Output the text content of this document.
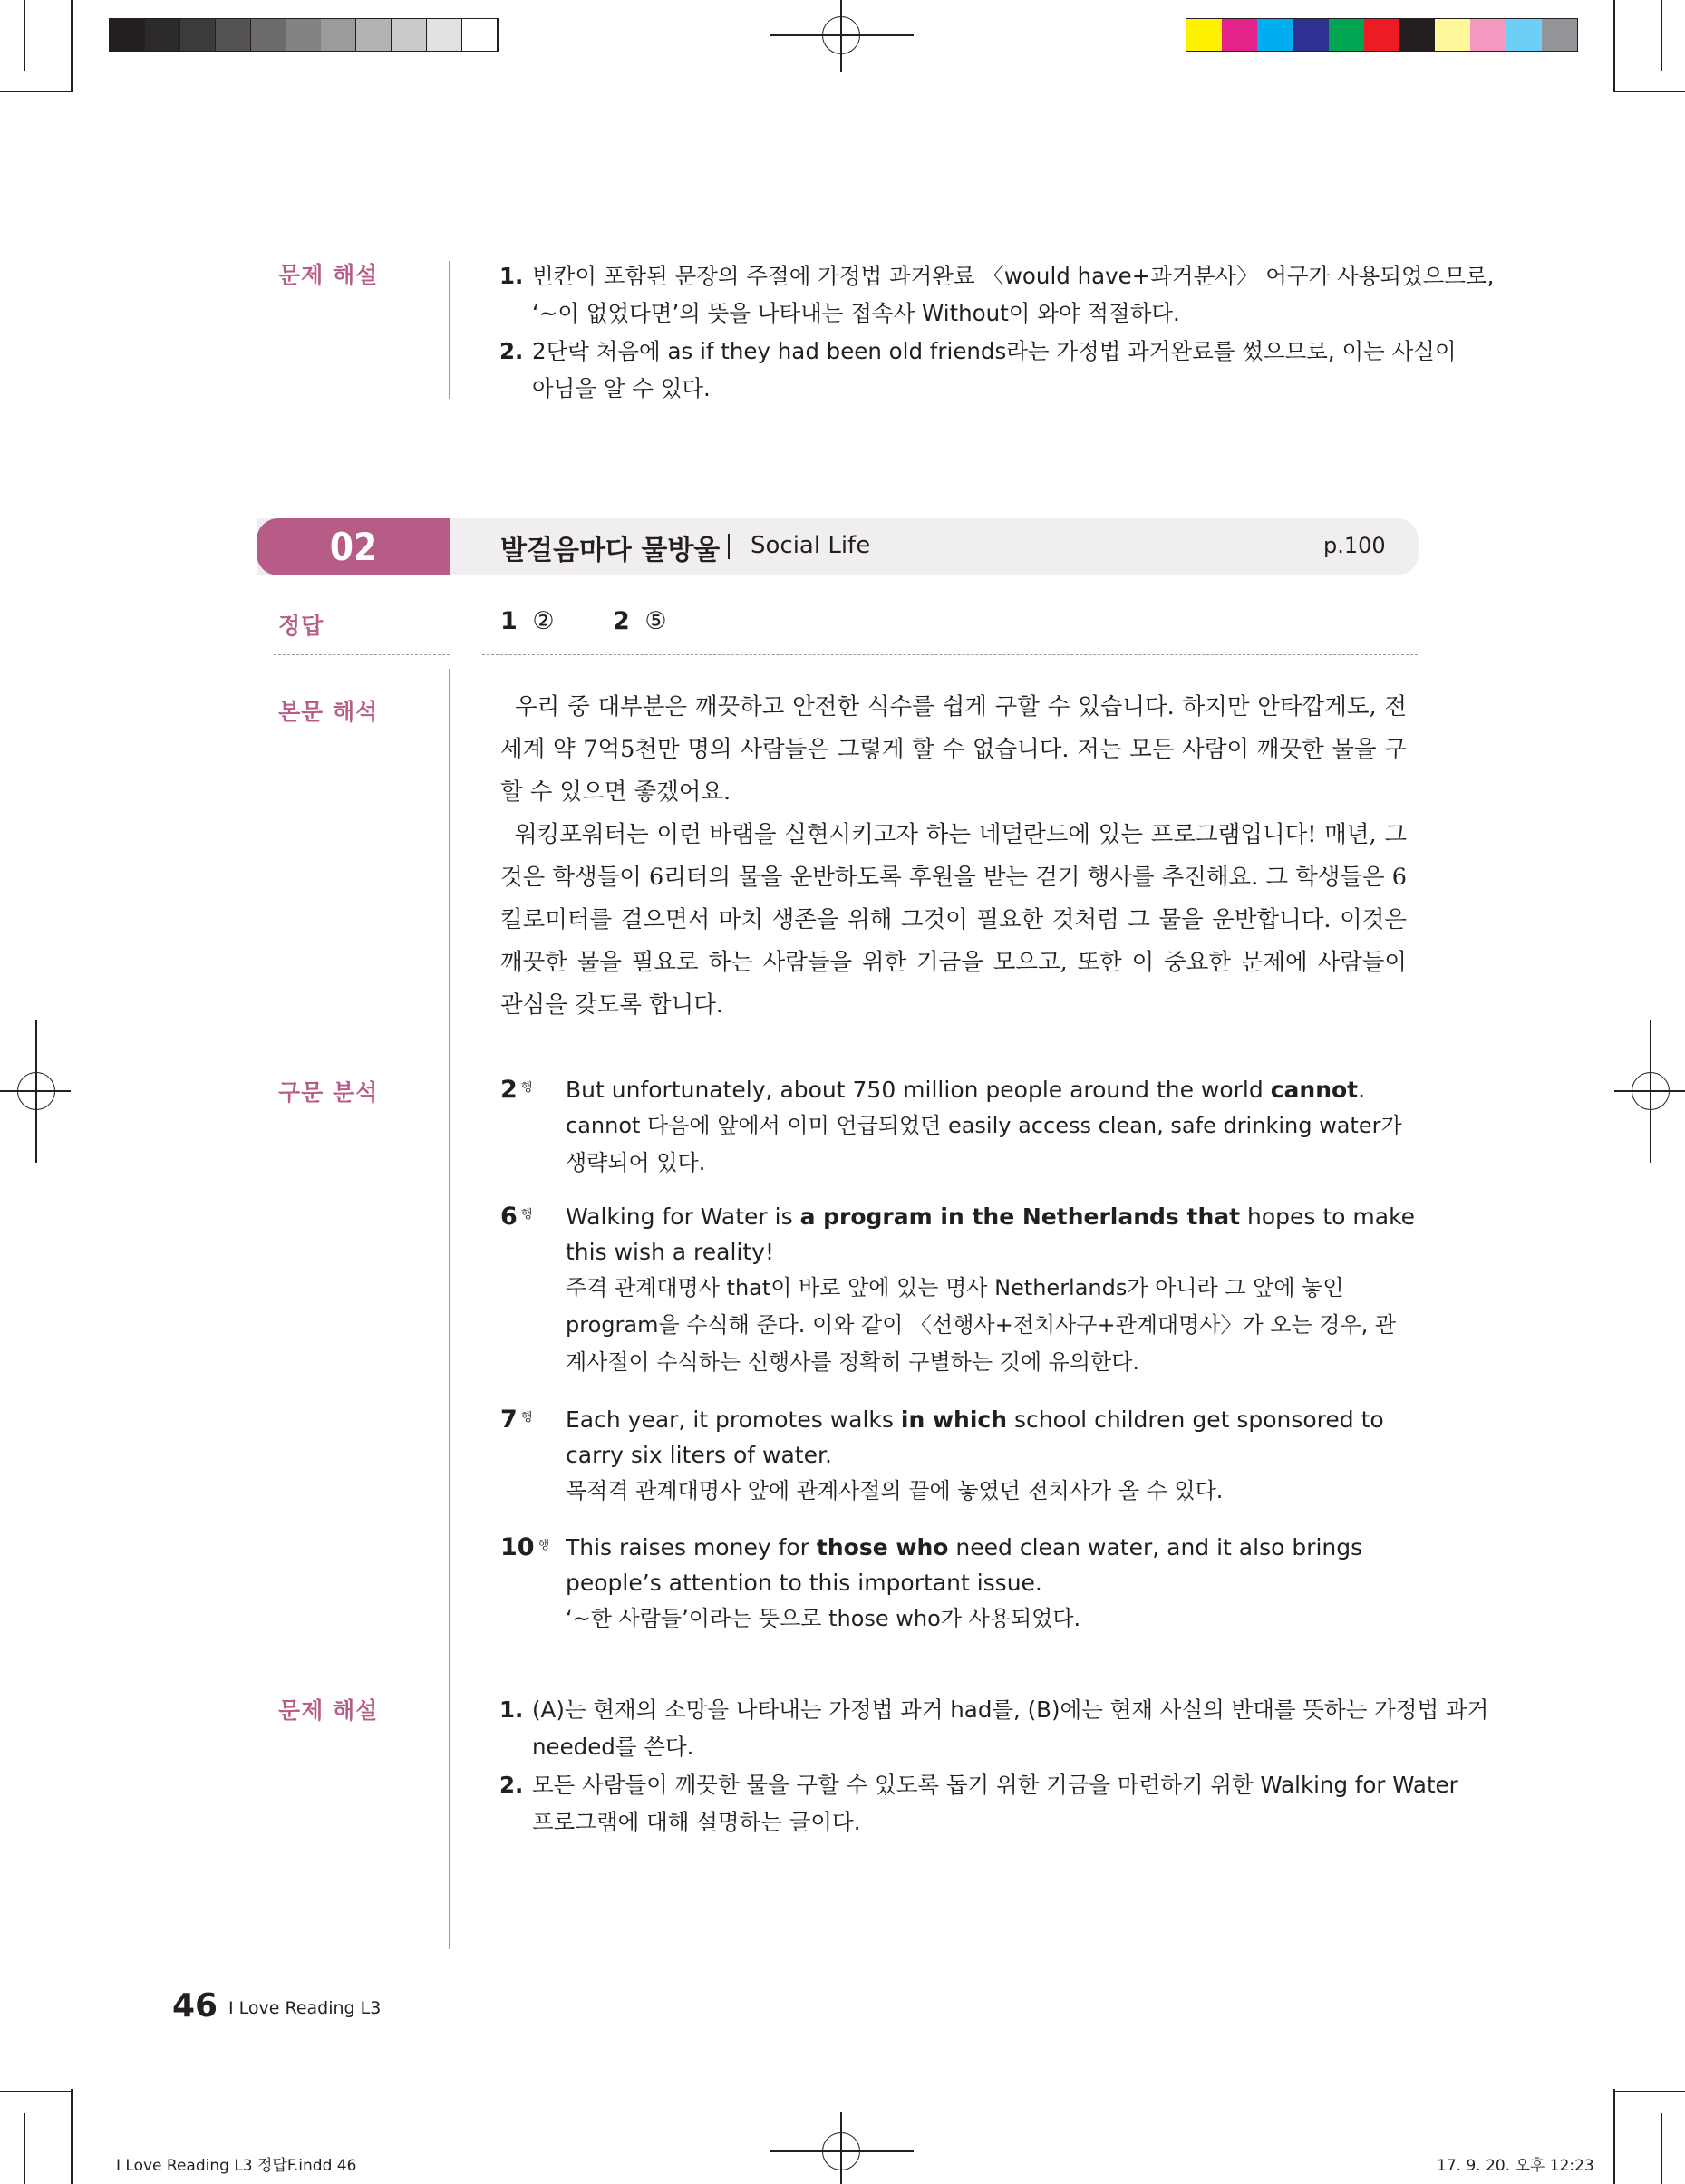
문제 해설	1. 빈칸이 포함된 문장의 주절에 가정법 과거완료 〈would have+과거분사〉 어구가 사용되었으므로,
‘~이 없었다면’의 뜻을 나타내는 접속사 Without이 와야 적절하다.
2. 2단락 처음에 as if they had been old friends라는 가정법 과거완료를 썼으므로, 이는 사실이
아님을 알 수 있다.
02	발걸음마다 물방울 Social Life	p.100
정답	1 ② 2 ⑤
본문 해석	우리 중 대부분은 깨끗하고 안전한 식수를 쉽게 구할 수 있습니다. 하지만 안타깝게도, 전 세계 약 7억5천만 명의 사람들은 그렇게 할 수 없습니다. 저는 모든 사람이 깨끗한 물을 구할 수 있으면 좋겠어요.

워킹포워터는 이런 바램을 실현시키고자 하는 네덜란드에 있는 프로그램입니다! 매년, 그것은 학생들이 6리터의 물을 운반하도록 후원을 받는 걷기 행사를 추진해요. 그 학생들은 6킬로미터를 걸으면서 마치 생존을 위해 그것이 필요한 것처럼 그 물을 운반합니다. 이것은 깨끗한 물을 필요로 하는 사람들을 위한 기금을 모으고, 또한 이 중요한 문제에 사람들이 관심을 갖도록 합니다.

구문 분석	2 $^행$ But unfortunately, about 750 million people around the world cannot.
cannot 다음에 앞에서 이미 언급되었던 easily access clean, safe drinking water가 생략되어 있다.
6 $^행$ Walking for Water is a program in the Netherlands that hopes to make this wish a reality!
주격 관계대명사 that이 바로 앞에 있는 명사 Netherlands가 아니라 그 앞에 놓인 program을 수식해 준다. 이와 같이 〈선행사+전치사구+관계대명사〉가 오는 경우, 관계사절이 수식하는 선행사를 정확히 구별하는 것에 유의한다.
7 $^행$ Each year, it promotes walks in which school children get sponsored to carry six liters of water.
목적격 관계대명사 앞에 관계사절의 끝에 놓였던 전치사가 올 수 있다.
10 $^행$ This raises money for those who need clean water, and it also brings people’s attention to this important issue.
‘~한 사람들’이라는 뜻으로 those who가 사용되었다.
문제 해설	1. (A)는 현재의 소망을 나타내는 가정법 과거 had를, (B)에는 현재 사실의 반대를 뜻하는 가정법 과거
needed를 쓴다.
2. 모든 사람들이 깨끗한 물을 구할 수 있도록 돕기 위한 기금을 마련하기 위한 Walking for Water
프로그램에 대해 설명하는 글이다.
46 I Love Reading L3
I Love Reading L3 정답F.indd 46	17. 9. 20. 오후 12:23
